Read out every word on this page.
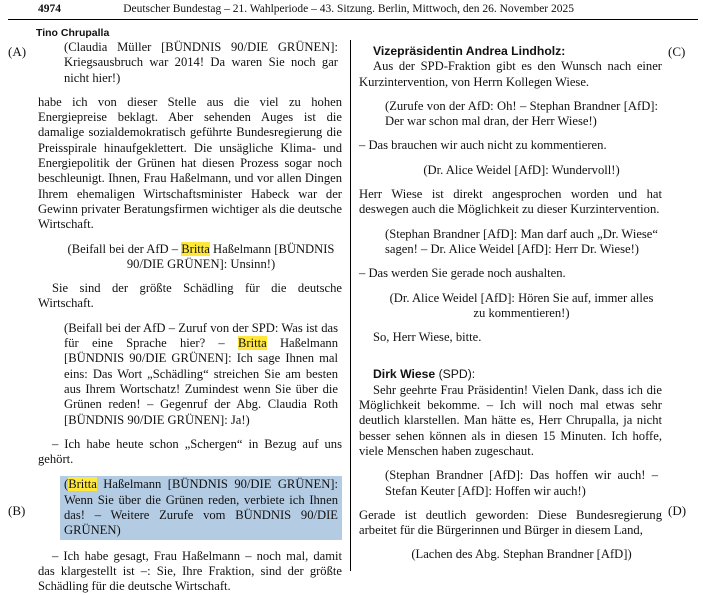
4974	Deutscher Bundestag – 21. Wahlperiode – 43. Sitzung. Berlin, Mittwoch, den 26. November 2025
Tino Chrupalla
(A)
(B)
(C)
(D)

(Claudia Müller [BÜNDNIS 90/DIE GRÜNEN]: Kriegsausbruch war 2014! Da waren Sie noch gar nicht hier!)

habe ich von dieser Stelle aus die viel zu hohen Energiepreise beklagt. Aber sehenden Auges ist die damalige sozialdemokratisch geführte Bundesregierung die Preisspirale hinaufgeklettert. Die unsägliche Klima- und Energiepolitik der Grünen hat diesen Prozess sogar noch beschleunigt. Ihnen, Frau Haßelmann, und vor allen Dingen Ihrem ehemaligen Wirtschaftsminister Habeck war der Gewinn privater Beratungsfirmen wichtiger als die deutsche Wirtschaft.

(Beifall bei der AfD – Britta Haßelmann [BÜNDNIS 90/DIE GRÜNEN]: Unsinn!)

Sie sind der größte Schädling für die deutsche Wirtschaft.

(Beifall bei der AfD – Zuruf von der SPD: Was ist das für eine Sprache hier? – Britta Haßelmann [BÜNDNIS 90/DIE GRÜNEN]: Ich sage Ihnen mal eins: Das Wort „Schädling“ streichen Sie am besten aus Ihrem Wortschatz! Zumindest wenn Sie über die Grünen reden! – Gegenruf der Abg. Claudia Roth [BÜNDNIS 90/DIE GRÜNEN]: Ja!)

– Ich habe heute schon „Schergen“ in Bezug auf uns gehört.

(Britta Haßelmann [BÜNDNIS 90/DIE GRÜNEN]: Wenn Sie über die Grünen reden, verbiete ich Ihnen das! – Weitere Zurufe vom BÜNDNIS 90/DIE GRÜNEN)

– Ich habe gesagt, Frau Haßelmann – noch mal, damit das klargestellt ist –: Sie, Ihre Fraktion, sind der größte Schädling für die deutsche Wirtschaft.

Vizepräsidentin Andrea Lindholz:

Aus der SPD-Fraktion gibt es den Wunsch nach einer Kurzintervention, von Herrn Kollegen Wiese.

(Zurufe von der AfD: Oh! – Stephan Brandner [AfD]: Der war schon mal dran, der Herr Wiese!)

– Das brauchen wir auch nicht zu kommentieren.

(Dr. Alice Weidel [AfD]: Wundervoll!)

Herr Wiese ist direkt angesprochen worden und hat deswegen auch die Möglichkeit zu dieser Kurzintervention.

(Stephan Brandner [AfD]: Man darf auch „Dr. Wiese“ sagen! – Dr. Alice Weidel [AfD]: Herr Dr. Wiese!)

– Das werden Sie gerade noch aushalten.

(Dr. Alice Weidel [AfD]: Hören Sie auf, immer alles zu kommentieren!)

So, Herr Wiese, bitte.

Dirk Wiese (SPD):

Sehr geehrte Frau Präsidentin! Vielen Dank, dass ich die Möglichkeit bekomme. – Ich will noch mal etwas sehr deutlich klarstellen. Man hätte es, Herr Chrupalla, ja nicht besser sehen können als in diesen 15 Minuten. Ich hoffe, viele Menschen haben zugeschaut.

(Stephan Brandner [AfD]: Das hoffen wir auch! – Stefan Keuter [AfD]: Hoffen wir auch!)

Gerade ist deutlich geworden: Diese Bundesregierung arbeitet für die Bürgerinnen und Bürger in diesem Land,

(Lachen des Abg. Stephan Brandner [AfD])
